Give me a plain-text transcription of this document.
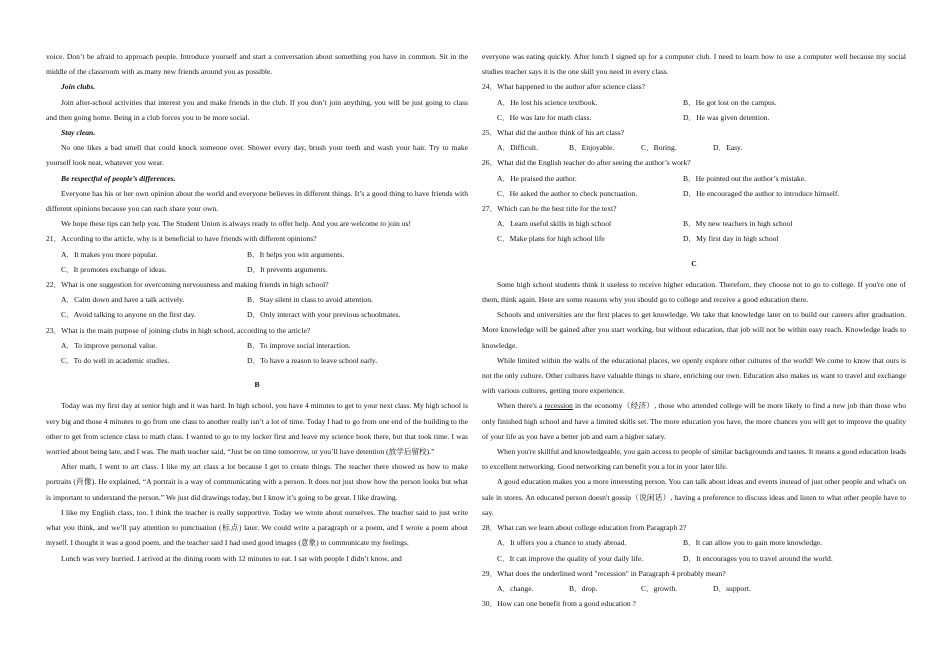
voice. Don’t be afraid to approach people. Introduce yourself and start a conversation about something you have in common. Sit in the middle of the classroom with as many new friends around you as possible.

Join clubs.

Join after-school activities that interest you and make friends in the club. If you don’t join anything, you will be just going to class and then going home. Being in a club forces you to be more social.

Stay clean.

No one likes a bad smell that could knock someone over. Shower every day, brush your teeth and wash your hair. Try to make yourself look neat, whatever you wear.

Be respectful of people’s differences.

Everyone has his or her own opinion about the world and everyone believes in different things. It’s a good thing to have friends with different opinions because you can each share your own.

We hope these tips can help you. The Student Union is always ready to offer help. And you are welcome to join us!

21．According to the article, why is it beneficial to have friends with different opinions?

A．It makes you more popular.	B．It helps you win arguments.
C．It promotes exchange of ideas.	D．It prevents arguments.

22．What is one suggestion for overcoming nervousness and making friends in high school?

A．Calm down and have a talk actively.	B．Stay silent in class to avoid attention.
C．Avoid talking to anyone on the first day.	D．Only interact with your previous schoolmates.

23．What is the main purpose of joining clubs in high school, according to the article?

A．To improve personal value.	B．To improve social interaction.
C．To do well in academic studies.	D．To have a reason to leave school early.
B

Today was my first day at senior high and it was hard. In high school, you have 4 minutes to get to your next class. My high school is very big and those 4 minutes to go from one class to another really isn’t a lot of time. Today I had to go from one end of the building to the other to get from science class to math class. I wanted to go to my locker first and leave my science book there, but that took time. I was worried about being late, and I was. The math teacher said, “Just be on time tomorrow, or you’ll have detention (放学后留校).”

After math, I went to art class. I like my art class a lot because I get to create things. The teacher there showed us how to make portraits (肖像). He explained, “A portrait is a way of communicating with a person. It does not just show how the person looks but what is important to understand the person.” We just did drawings today, but I know it’s going to be great. I like drawing.

I like my English class, too. I think the teacher is really supportive. Today we wrote about ourselves. The teacher said to just write what you think, and we’ll pay attention to punctuation (标点) later. We could write a paragraph or a poem, and I wrote a poem about myself. I thought it was a good poem, and the teacher said I had used good images (意象) to communicate my feelings.

Lunch was very hurried. I arrived at the dining room with 12 minutes to eat. I sat with people I didn’t know, and

everyone was eating quickly. After lunch I signed up for a computer club. I need to learn how to use a computer well because my social studies teacher says it is the one skill you need in every class.

24．What happened to the author after science class?

A．He lost his science textbook.	B．He got lost on the campus.
C．He was late for math class.	D．He was given detention.

25．What did the author think of his art class?

A．Difficult.	B．Enjoyable.	C．Boring.	D．Easy.

26．What did the English teacher do after seeing the author’s work?

A．He praised the author.	B．He pointed out the author’s mistake.
C．He asked the author to check punctuation.	D．He encouraged the author to introduce himself.

27．Which can be the best title for the text?

A．Learn useful skills in high school	B．My new teachers in high school
C．Make plans for high school life	D．My first day in high school
C

Some high school students think it useless to receive higher education. Therefore, they choose not to go to college. If you're one of them, think again. Here are some reasons why you should go to college and receive a good education there.

Schools and universities are the first places to get knowledge. We take that knowledge later on to build our careers after graduation. More knowledge will be gained after you start working, but without education, that job will not be within easy reach. Knowledge leads to knowledge.

While limited within the walls of the educational places, we openly explore other cultures of the world! We come to know that ours is not the only culture. Other cultures have valuable things to share, enriching our own. Education also makes us want to travel and exchange with various cultures, getting more experience.

When there's a recession in the economy（经济）, those who attended college will be more likely to find a new job than those who only finished high school and have a limited skills set. The more education you have, the more chances you will get to improve the quality of your life as you have a better job and earn a higher salary.

When you're skillful and knowledgeable, you gain access to people of similar backgrounds and tastes. It means a good education leads to excellent networking. Good networking can benefit you a lot in your later life.

A good education makes you a more interesting person. You can talk about ideas and events instead of just other people and what's on sale in stores. An educated person doesn't gossip（说闲话）, having a preference to discuss ideas and listen to what other people have to say.

28．What can we learn about college education from Paragraph 2?

A．It offers you a chance to study abroad.	B．It can allow you to gain more knowledge.
C．It can improve the quality of your daily life.	D．It encourages you to travel around the world.

29．What does the underlined word "recession" in Paragraph 4 probably mean?

A．change.	B．drop.	C．growth.	D．support.

30．How can one benefit from a good education ?
